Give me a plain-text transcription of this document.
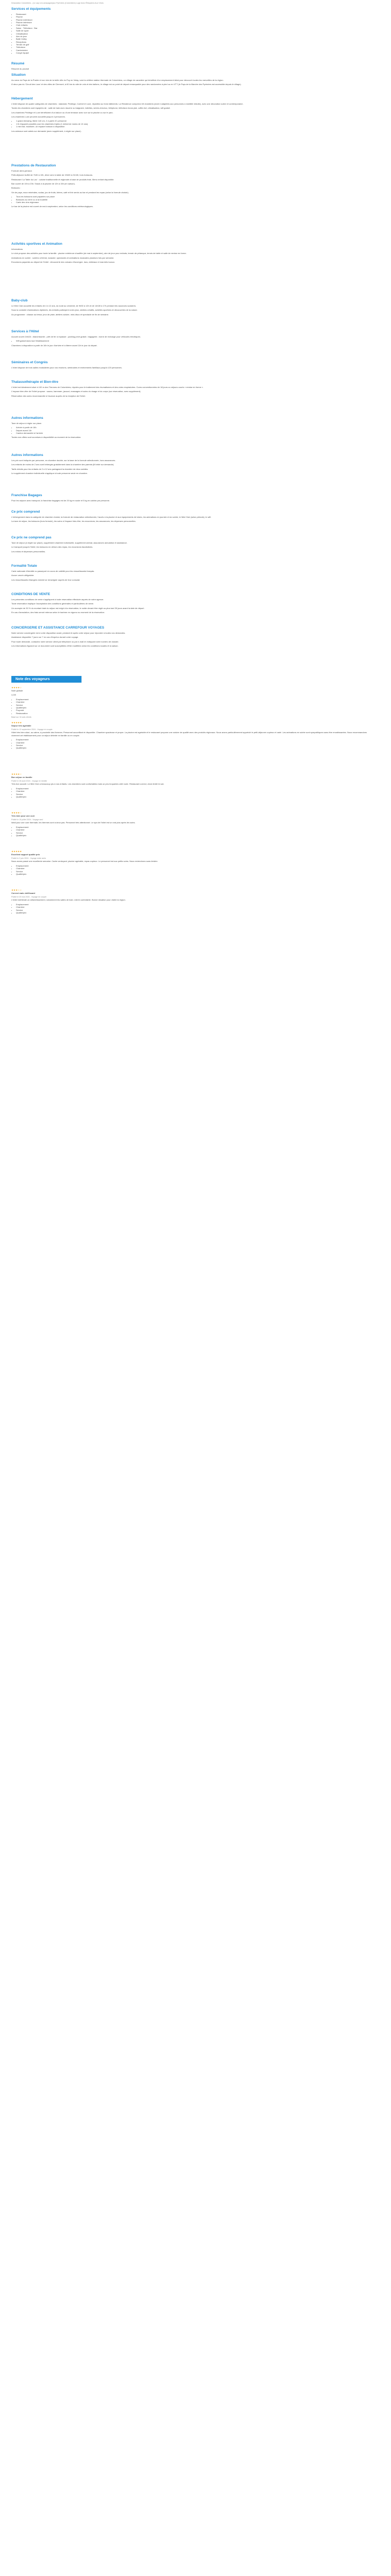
Description Colombiers - (Le cap à la campagne)aux Pyrénées (Colombiers) Luge Avec Éthiopiens Aux Vines
Services et équipements
• Restaurant
• Piscine
• Piscine extérieure
• Piscine intérieure
• Club enfants
• Salon · Télévision · Bar
• Salle de sport
• Climatisation
• Aire de jeux
• Balle Volley
• Réceptions
• Terrain de golf
• Télévision
• Cambrioloire
• Congé équipé
Résumé
Résumé du produit
Situation
Au cœur du Pays de la Prairie et non loin de la belle ville du Puy en Velay, voici la célèbre station thermale de Colombiers, un village de caractère qui bénéficie d'un emplacement idéal pour découvrir toutes les merveilles de la région.
À deux pas du 'Circuit des Lacs' et des villes de Clermont, à 60 km du site de vols et des ballons, le village est un point de départ remarquable pour des randonnées à pied ou en VTT (le Pays de la Marche des Pyrénées est accessible depuis le village).
Hébergement
L'hôtel dispose de quatre catégories de chambres : standard, Privilège, Confort et Luxe, réparties sur trois bâtiments. La Résidence comprend 40 chambres (dont 4 adaptées aux personnes à mobilité réduite), avec une décoration sobre et contemporaine.
Toutes les chambres sont équipées de : salle de bain avec douche ou baignoire, toilettes, sèche-cheveux, téléphone, télévision écran plat, coffre-fort, climatisation, wifi gratuit.
Les chambres Privilège et Luxe bénéficient d'un balcon ou d'une terrasse avec vue sur la piscine ou sur le parc.
Les chambres Luxe peuvent accueillir jusqu'à 4 personnes.
• 1 grand dressing, literie 140 cm, 2 à partir d'1 personne
• 1 lit d'appoint possible pour les chambres triples (1 enfant de moins de 12 ans)
• 1 mini bar, bouilloire, un espace boisson à disposition
Les animaux sont admis sur demande (avec supplément, à régler sur place).
Prestations de Restauration
Formule demi-pension
Petit-déjeuner buffet de 7h30 à 10h, dîner servi à table de 19h30 à 21h30, hors boissons.
Restaurant 'La Table du Lac' : cuisine traditionnelle et régionale à base de produits frais. Menu enfant disponible.
Bar ouvert de 10h à 23h. Snack à la piscine de 12h à 15h (en saison).
Boissons :
Vin de pays, eaux minérales, sodas, jus de fruits, bières, café et thé servis au bar et pendant les repas (selon la formule choisie).
• Tous les boissons sont payantes sur place
• Boissons au verre ou à la bouteille
• Carte des vins régionaux
Le bar de la piscine est ouvert de mai à septembre, selon les conditions météorologiques.
Activités sportives et Animation
Informations
Le club propose des activités pour toute la famille : piscine extérieure chauffée (de mai à septembre), aire de jeux pour enfants, terrain de pétanque, tennis de table et salle de remise en forme.
Animations en soirée : soirées à thème, karaoké, spectacles et animations musicales plusieurs fois par semaine.
Excursions payantes au départ de l'hôtel : découverte des volcans d'Auvergne, lacs, châteaux et marchés locaux.
Baby-club
Le Mini Club accueille les enfants de 4 à 12 ans, du lundi au vendredi, de 9h30 à 12h et de 14h30 à 17h pendant les vacances scolaires.
Sous la conduite d'animateurs diplômés, les enfants participent à des jeux, ateliers créatifs, activités sportives et découvertes de la nature.
Au programme : chasse au trésor, jeux de piste, ateliers cuisine, mini-disco et spectacle de fin de semaine.
Services à l'Hôtel
Accueil ouvert 24h/24 ; blanchisserie ; prêt de fer à repasser ; parking privé gratuit ; bagagerie ; borne de recharge pour véhicules électriques.
• Wifi gratuit dans tout l'établissement
Chambres à disposition à partir de 16h le jour d'arrivée et à libérer avant 11h le jour du départ.
Séminaires et Congrès
L'hôtel dispose de trois salles modulables pour vos réunions, séminaires et événements familiaux jusqu'à 120 personnes.
Thalassothérapie et Bien-être
L'hôtel est idéalement situé à 100 m des Thermes de Colombiers, réputés pour le traitement des rhumatismes et des voies respiratoires. Cures conventionnées de 18 jours ou séjours courts « remise en forme ».
L'espace bien-être de l'hôtel propose : sauna, hammam, jacuzzi, massages et soins du visage et du corps (sur réservation, avec supplément).
Réservation des soins recommandée à l'avance auprès de la réception de l'hôtel.
Autres informations
Taxe de séjour à régler sur place.
• Arrivée à partir de 16h
• Départ avant 11h
• Caution demandée à l'arrivée
Toutes nos offres sont soumises à disponibilité au moment de la réservation.
Autres informations
Les prix sont indiqués par personne, en chambre double, sur la base de la formule sélectionnée, hors assurances.
Les enfants de moins de 2 ans sont hébergés gratuitement dans la chambre des parents (lit bébé sur demande).
Tarifs réduits pour les enfants de 2 à 12 ans partageant la chambre de deux adultes.
Le supplément chambre individuelle s'applique à toute personne seule en chambre.
Franchise Bagages
Pour les séjours avec transport, la franchise bagages est de 20 kg en soute et 5 kg en cabine par personne.
Ce prix comprend
L'hébergement dans la catégorie de chambre choisie, la formule de restauration sélectionnée, l'accès à la piscine et aux équipements de loisirs, les animations en journée et en soirée, le Mini Club (selon période), le wifi.
La taxe de séjour, les boissons (hors formule), les soins à l'espace bien-être, les excursions, les assurances, les dépenses personnelles.
Ce prix ne comprend pas
Taxe de séjour (à régler sur place), supplément chambre individuelle, supplément animal, assurances annulation et assistance.
Le transport jusqu'à l'hôtel, les boissons en dehors des repas, les excursions facultatives.
Les extras et dépenses personnelles.
Formalité Totale
Carte nationale d'identité ou passeport en cours de validité pour les ressortissants français.
Aucun vaccin obligatoire.
Les ressortissants étrangers doivent se renseigner auprès de leur consulat.
CONDITIONS DE VENTE
Les présentes conditions de vente s'appliquent à toute réservation effectuée auprès de notre agence.
Toute réservation implique l'acceptation des conditions générales et particulières de vente.
Un acompte de 30 % du montant total du séjour est exigé à la réservation, le solde devant être réglé au plus tard 30 jours avant la date de départ.
En cas d'annulation, des frais seront retenus selon le barème en vigueur au moment de la réservation.
CONCIERGERIE ET ASSISTANCE CARREFOUR VOYAGES
Notre service conciergerie est à votre disposition avant, pendant et après votre séjour pour répondre à toutes vos demandes.
Assistance disponible 7 jours sur 7 en cas d'imprévu durant votre voyage.
Pour toute demande, contactez notre service client par téléphone ou par e-mail en indiquant votre numéro de dossier.
Les informations figurant sur ce document sont susceptibles d'être modifiées selon les conditions locales et la saison.
Note des voyageurs
★★★★☆
Note globale
4,3/5
• Emplacement
• Chambre
• Service
• Qualité/prix
• Propreté
• Restauration
Basé sur 34 avis clients
★★★★★
Séjour très agréable
Publié le 12 septembre 2024 - Voyage en couple
Hôtel très bien situé, au calme, à proximité des thermes. Personnel accueillant et disponible. Chambre spacieuse et propre. La piscine est agréable et le restaurant propose une cuisine de qualité avec des produits régionaux. Nous avons particulièrement apprécié le petit-déjeuner copieux et varié. Les animations en soirée sont sympathiques sans être envahissantes. Nous recommandons vivement cet établissement pour un séjour détente en famille ou en couple.
• Emplacement
• Chambre
• Service
• Qualité/prix
★★★★☆
Bon séjour en famille
Publié le 28 août 2024 - Voyage en famille
Très bon accueil. Le Mini Club a beaucoup plu à nos enfants. Les chambres sont confortables mais un peu bruyantes côté route. Restaurant correct, choix limité le soir.
• Emplacement
• Chambre
• Service
• Qualité/prix
★★★★☆
Très bien pour une cure
Publié le 15 juillet 2024 - Voyage seul
Idéal pour une cure thermale, les thermes sont à deux pas. Personnel très attentionné. Le spa de l'hôtel est un vrai plus après les soins.
• Emplacement
• Chambre
• Service
• Qualité/prix
★★★★★
Excellent rapport qualité prix
Publié le 2 juin 2024 - Voyage entre amis
Nous avons passé une excellente semaine. Cadre verdoyant, piscine agréable, repas copieux. Le personnel est aux petits soins. Nous reviendrons sans hésiter.
• Emplacement
• Chambre
• Service
• Qualité/prix
★★★☆☆
Correct mais vieillissant
Publié le 20 mai 2024 - Voyage en couple
L'hôtel mériterait un rafraîchissement, notamment les salles de bain. Literie confortable. Bonne situation pour visiter la région.
• Emplacement
• Chambre
• Service
• Qualité/prix
